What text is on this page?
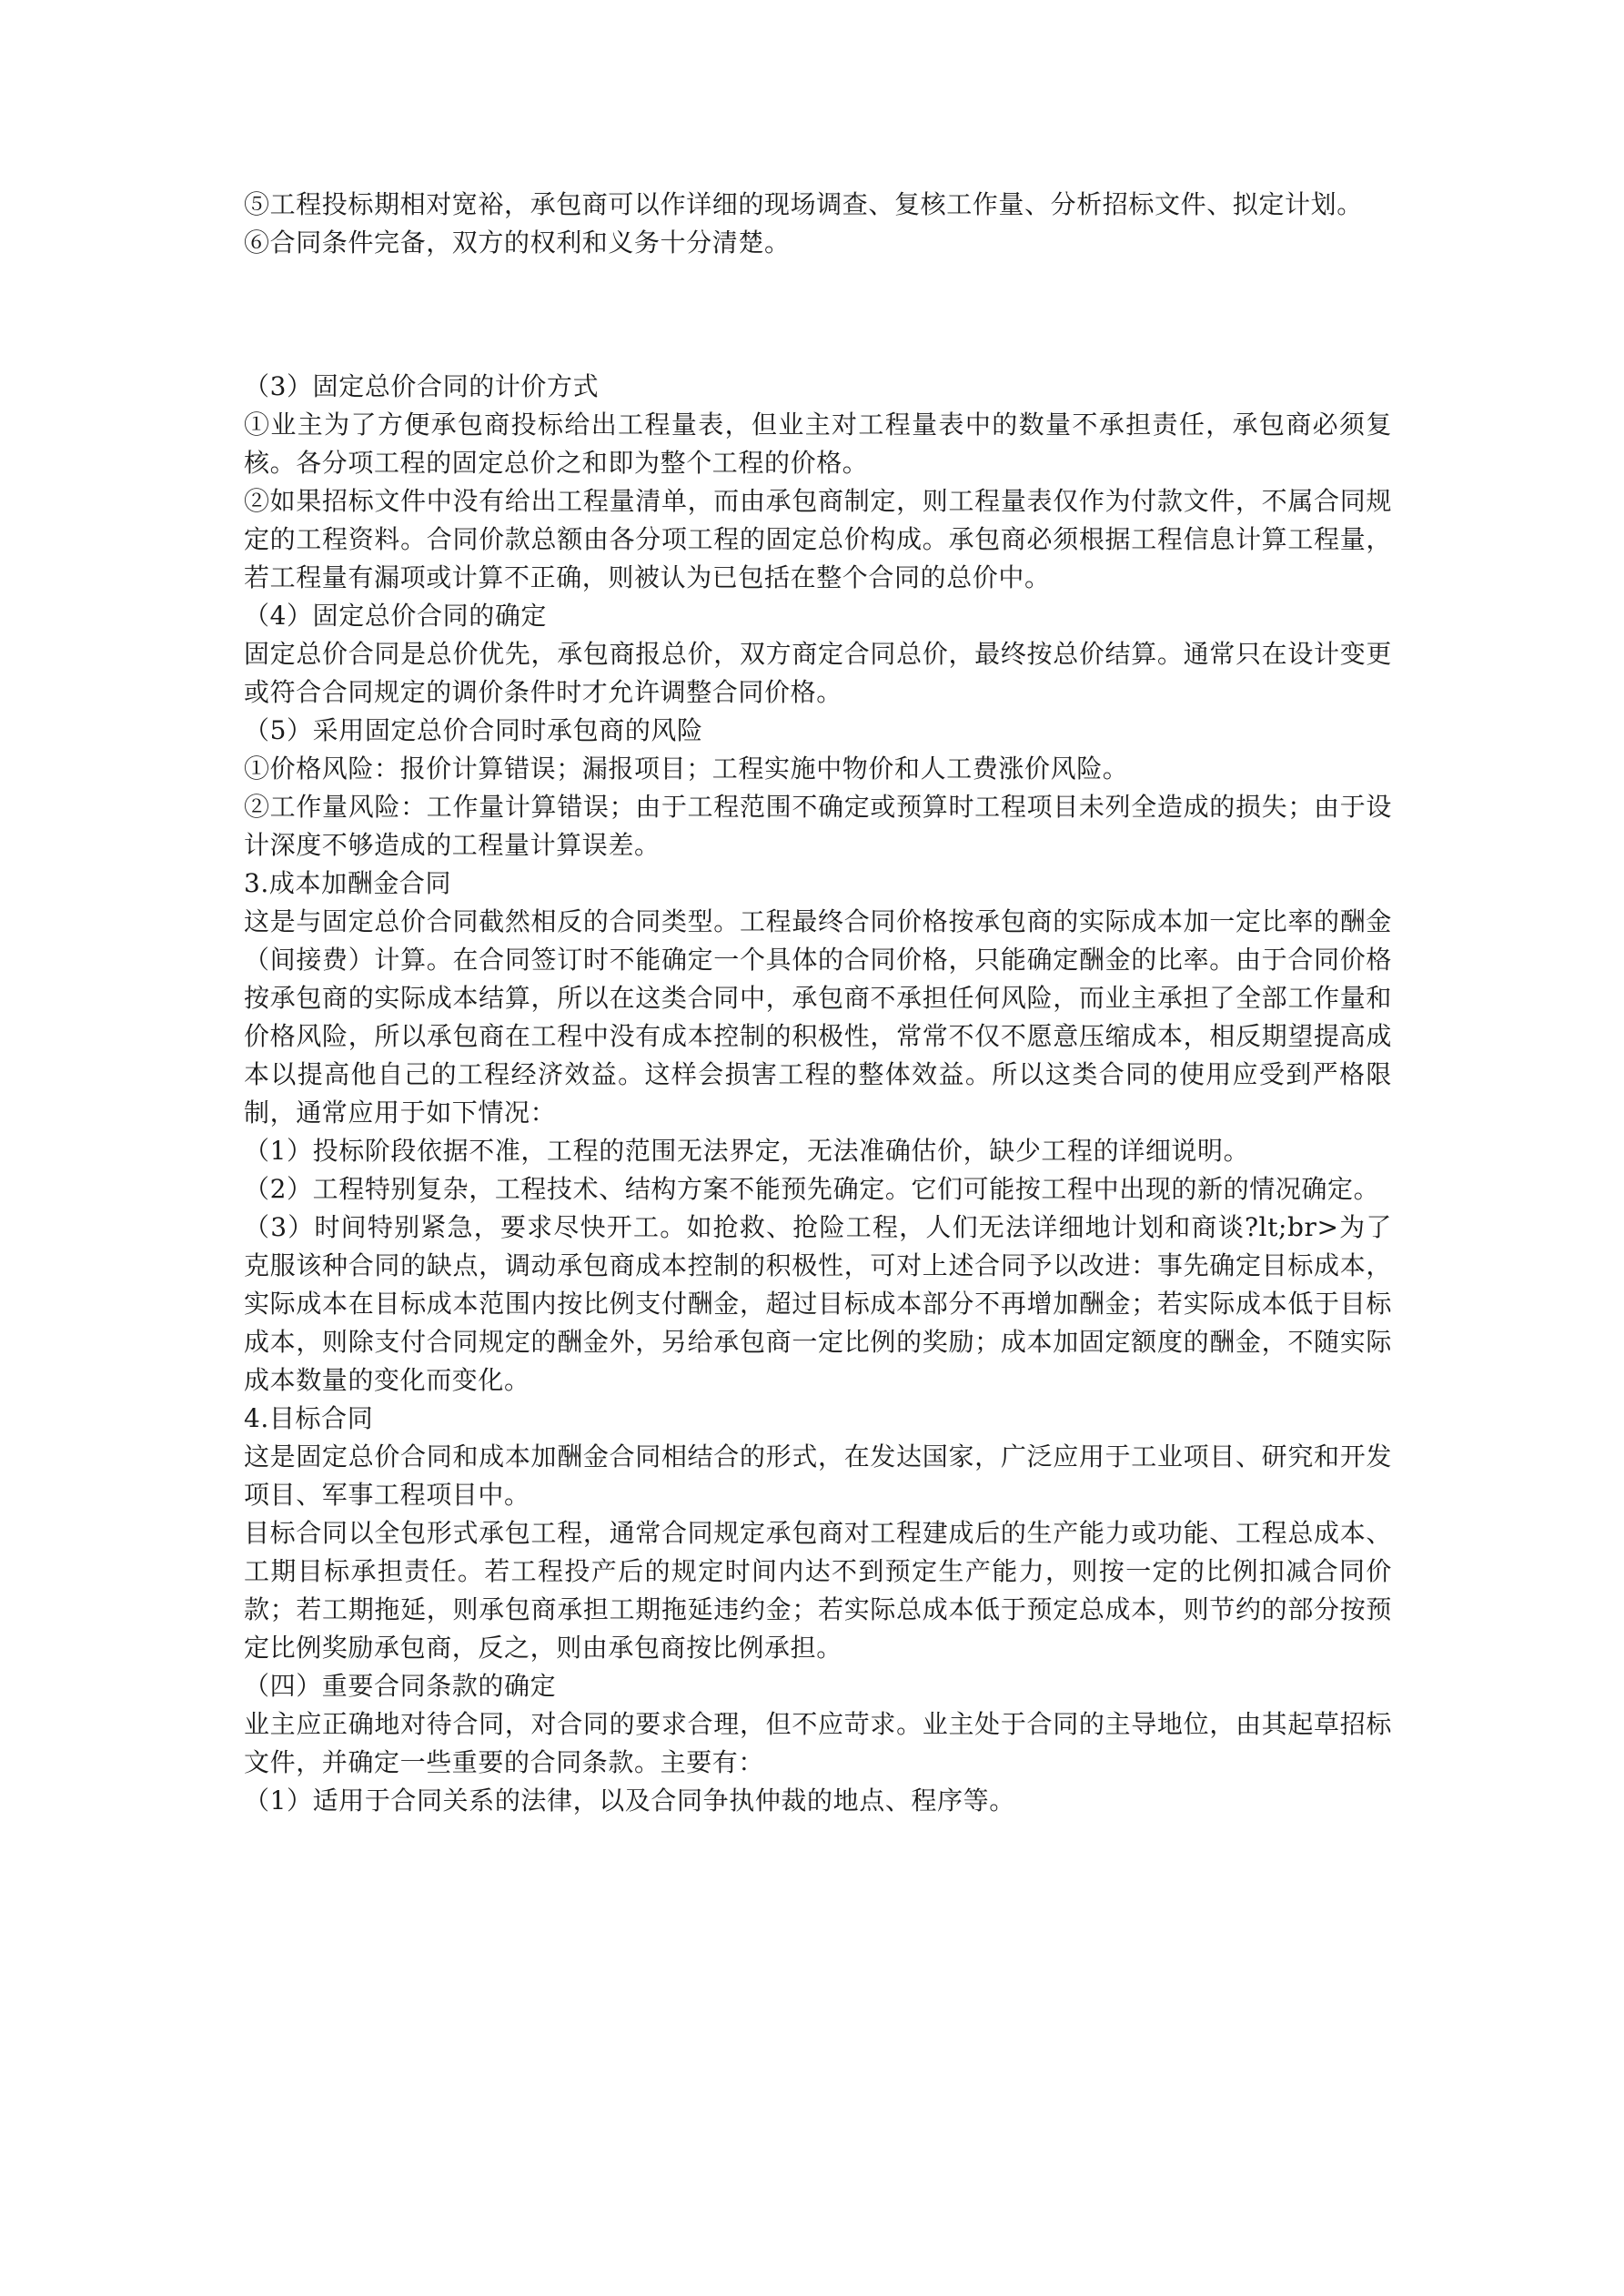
⑤工程投标期相对宽裕，承包商可以作详细的现场调查、复核工作量、分析招标文件、拟定计划。

⑥合同条件完备，双方的权利和义务十分清楚。

（3）固定总价合同的计价方式

①业主为了方便承包商投标给出工程量表，但业主对工程量表中的数量不承担责任，承包商必须复核。各分项工程的固定总价之和即为整个工程的价格。

②如果招标文件中没有给出工程量清单，而由承包商制定，则工程量表仅作为付款文件，不属合同规定的工程资料。合同价款总额由各分项工程的固定总价构成。承包商必须根据工程信息计算工程量，若工程量有漏项或计算不正确，则被认为已包括在整个合同的总价中。

（4）固定总价合同的确定

固定总价合同是总价优先，承包商报总价，双方商定合同总价，最终按总价结算。通常只在设计变更或符合合同规定的调价条件时才允许调整合同价格。

（5）采用固定总价合同时承包商的风险

①价格风险：报价计算错误；漏报项目；工程实施中物价和人工费涨价风险。

②工作量风险：工作量计算错误；由于工程范围不确定或预算时工程项目未列全造成的损失；由于设计深度不够造成的工程量计算误差。

3.成本加酬金合同

这是与固定总价合同截然相反的合同类型。工程最终合同价格按承包商的实际成本加一定比率的酬金（间接费）计算。在合同签订时不能确定一个具体的合同价格，只能确定酬金的比率。由于合同价格按承包商的实际成本结算，所以在这类合同中，承包商不承担任何风险，而业主承担了全部工作量和价格风险，所以承包商在工程中没有成本控制的积极性，常常不仅不愿意压缩成本，相反期望提高成本以提高他自己的工程经济效益。这样会损害工程的整体效益。所以这类合同的使用应受到严格限制，通常应用于如下情况：

（1）投标阶段依据不准，工程的范围无法界定，无法准确估价，缺少工程的详细说明。

（2）工程特别复杂，工程技术、结构方案不能预先确定。它们可能按工程中出现的新的情况确定。

（3）时间特别紧急，要求尽快开工。如抢救、抢险工程，人们无法详细地计划和商谈?lt;br>为了克服该种合同的缺点，调动承包商成本控制的积极性，可对上述合同予以改进：事先确定目标成本，实际成本在目标成本范围内按比例支付酬金，超过目标成本部分不再增加酬金；若实际成本低于目标成本，则除支付合同规定的酬金外，另给承包商一定比例的奖励；成本加固定额度的酬金，不随实际成本数量的变化而变化。

4.目标合同

这是固定总价合同和成本加酬金合同相结合的形式，在发达国家，广泛应用于工业项目、研究和开发项目、军事工程项目中。

目标合同以全包形式承包工程，通常合同规定承包商对工程建成后的生产能力或功能、工程总成本、工期目标承担责任。若工程投产后的规定时间内达不到预定生产能力，则按一定的比例扣减合同价款；若工期拖延，则承包商承担工期拖延违约金；若实际总成本低于预定总成本，则节约的部分按预定比例奖励承包商，反之，则由承包商按比例承担。

（四）重要合同条款的确定

业主应正确地对待合同，对合同的要求合理，但不应苛求。业主处于合同的主导地位，由其起草招标文件，并确定一些重要的合同条款。主要有：

（1）适用于合同关系的法律，以及合同争执仲裁的地点、程序等。
